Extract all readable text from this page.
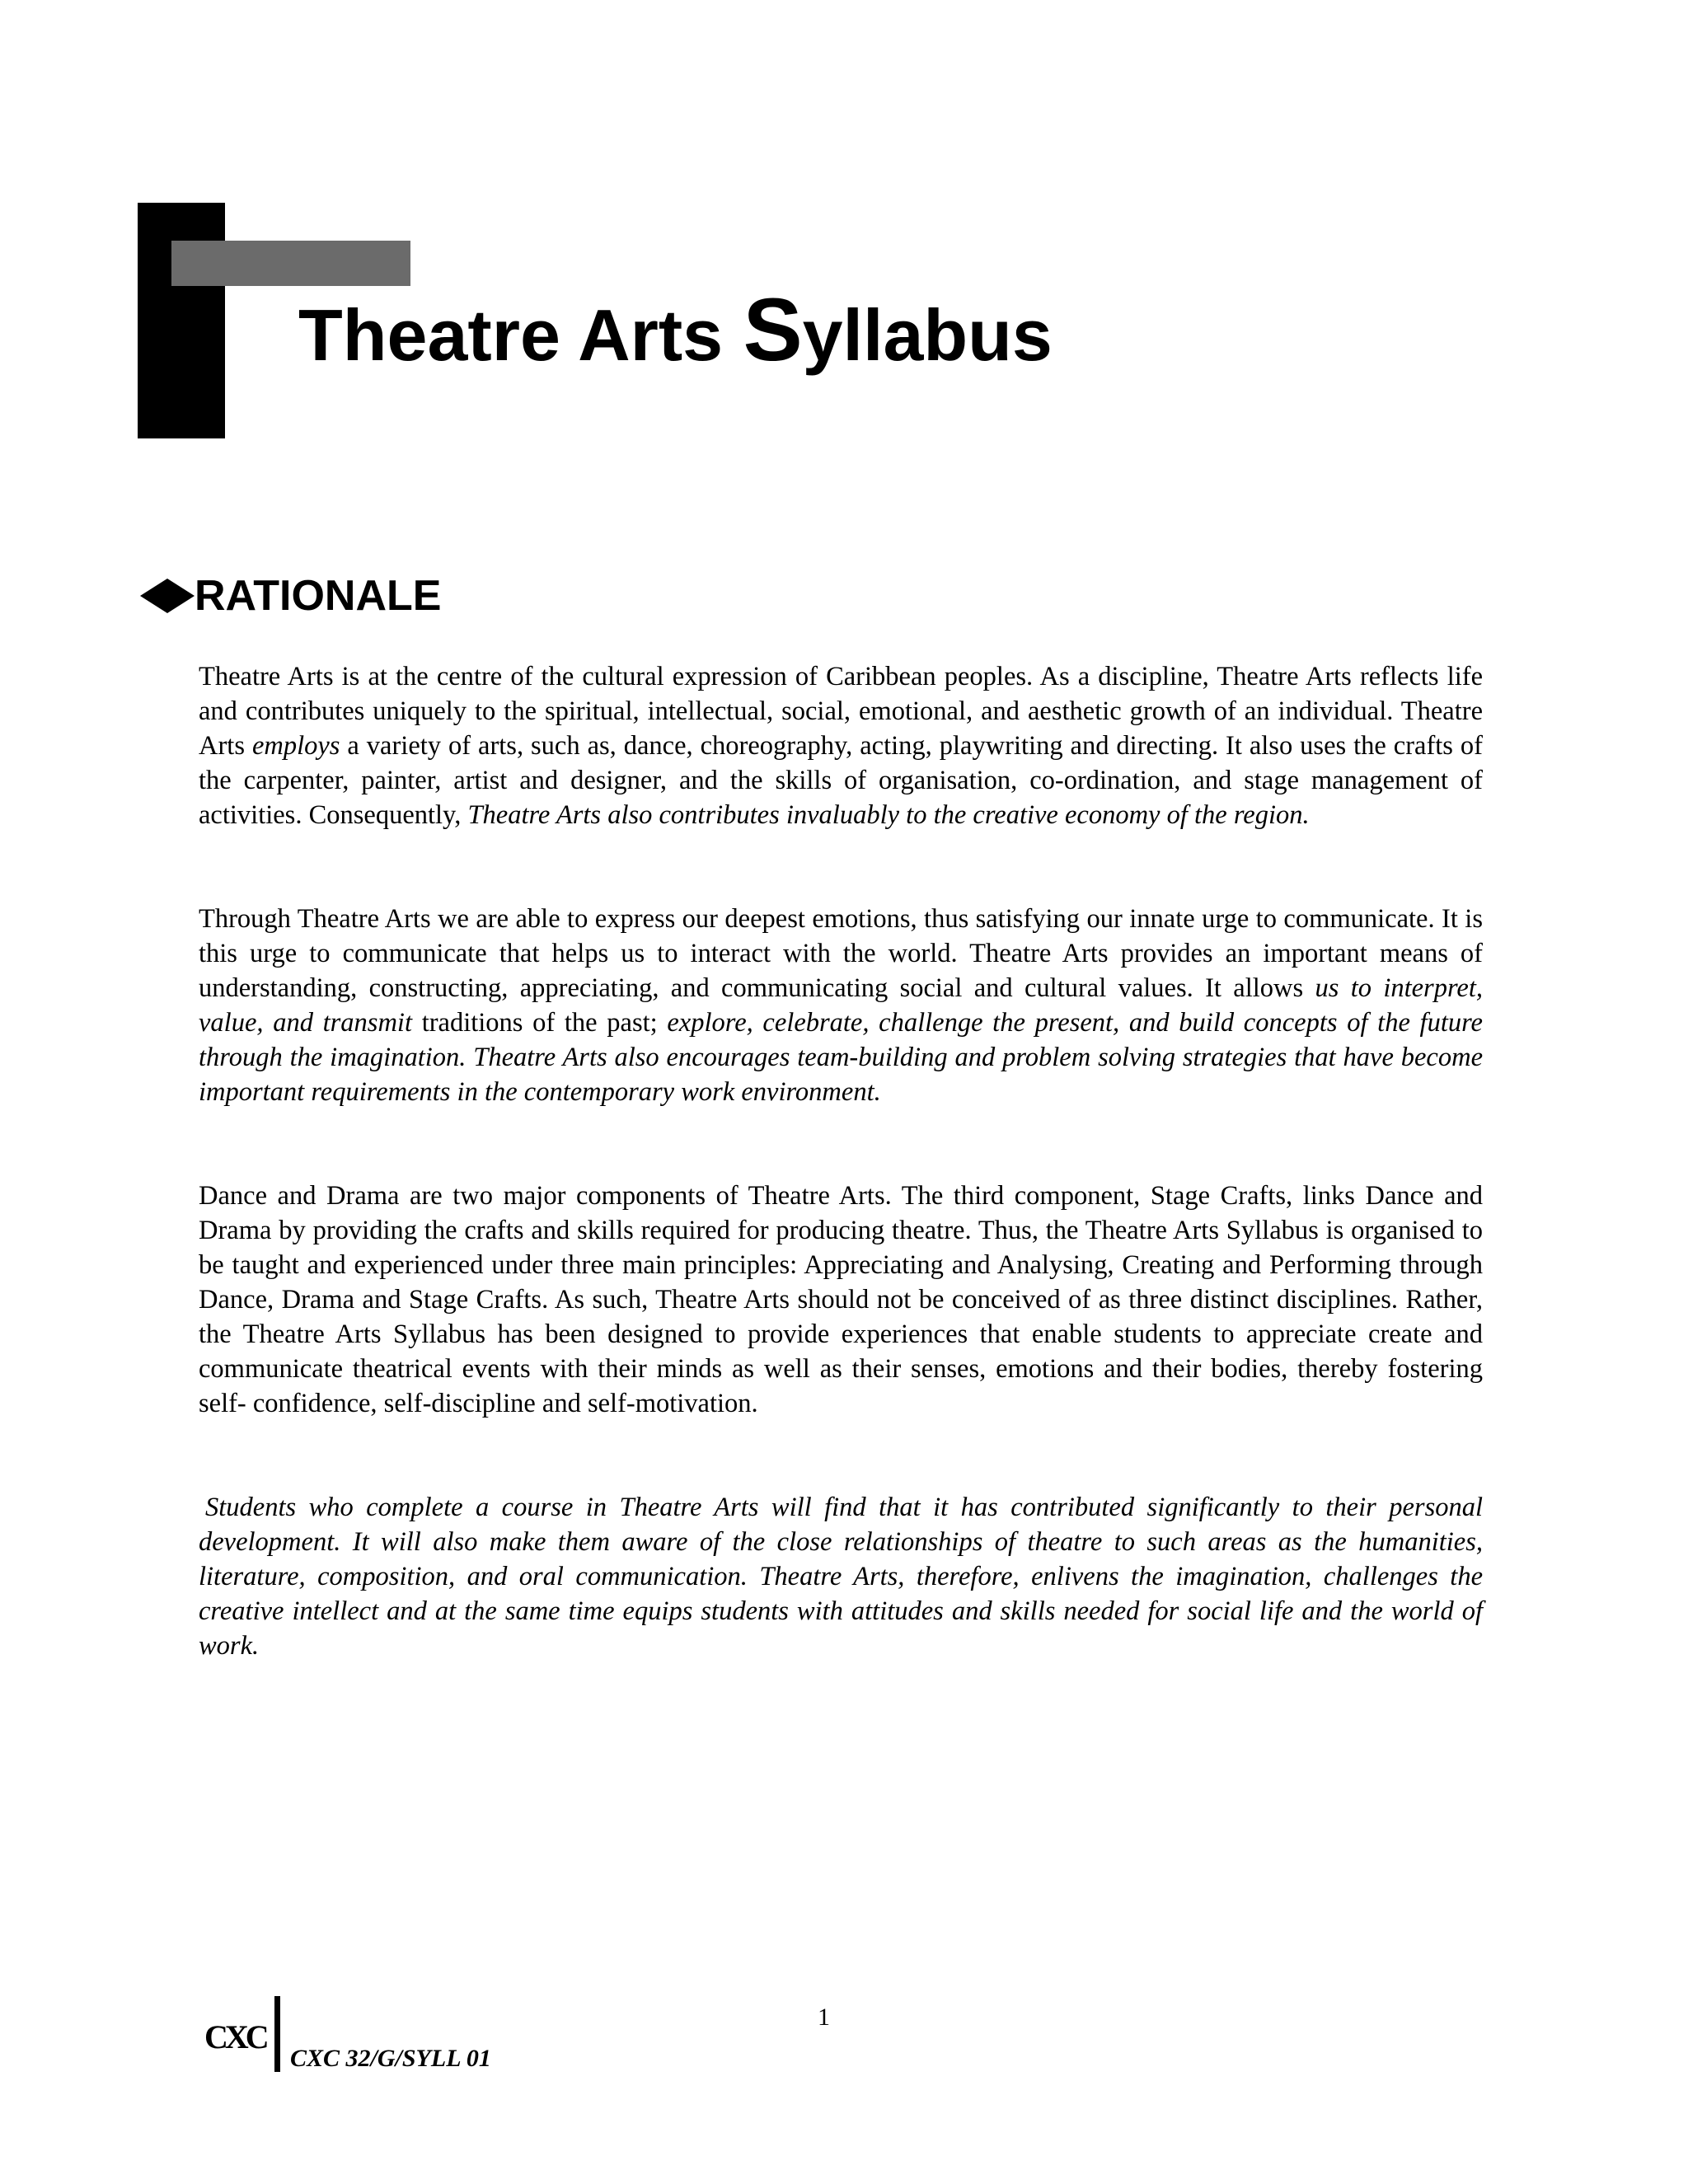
Theatre Arts Syllabus
RATIONALE

Theatre Arts is at the centre of the cultural expression of Caribbean peoples. As a discipline, Theatre Arts reflects life and contributes uniquely to the spiritual, intellectual, social, emotional, and aesthetic growth of an individual. Theatre Arts employs a variety of arts, such as, dance, choreography, acting, playwriting and directing. It also uses the crafts of the carpenter, painter, artist and designer, and the skills of organisation, co-ordination, and stage management of activities. Consequently, Theatre Arts also contributes invaluably to the creative economy of the region.

Through Theatre Arts we are able to express our deepest emotions, thus satisfying our innate urge to communicate. It is this urge to communicate that helps us to interact with the world. Theatre Arts provides an important means of understanding, constructing, appreciating, and communicating social and cultural values. It allows us to interpret, value, and transmit traditions of the past; explore, celebrate, challenge the present, and build concepts of the future through the imagination. Theatre Arts also encourages team-building and problem solving strategies that have become important requirements in the contemporary work environment.

Dance and Drama are two major components of Theatre Arts. The third component, Stage Crafts, links Dance and Drama by providing the crafts and skills required for producing theatre. Thus, the Theatre Arts Syllabus is organised to be taught and experienced under three main principles: Appreciating and Analysing, Creating and Performing through Dance, Drama and Stage Crafts. As such, Theatre Arts should not be conceived of as three distinct disciplines. Rather, the Theatre Arts Syllabus has been designed to provide experiences that enable students to appreciate create and communicate theatrical events with their minds as well as their senses, emotions and their bodies, thereby fostering self- confidence, self-discipline and self-motivation.

Students who complete a course in Theatre Arts will find that it has contributed significantly to their personal development. It will also make them aware of the close relationships of theatre to such areas as the humanities, literature, composition, and oral communication. Theatre Arts, therefore, enlivens the imagination, challenges the creative intellect and at the same time equips students with attitudes and skills needed for social life and the world of work.

CXC
CXC 32/G/SYLL 01
1
